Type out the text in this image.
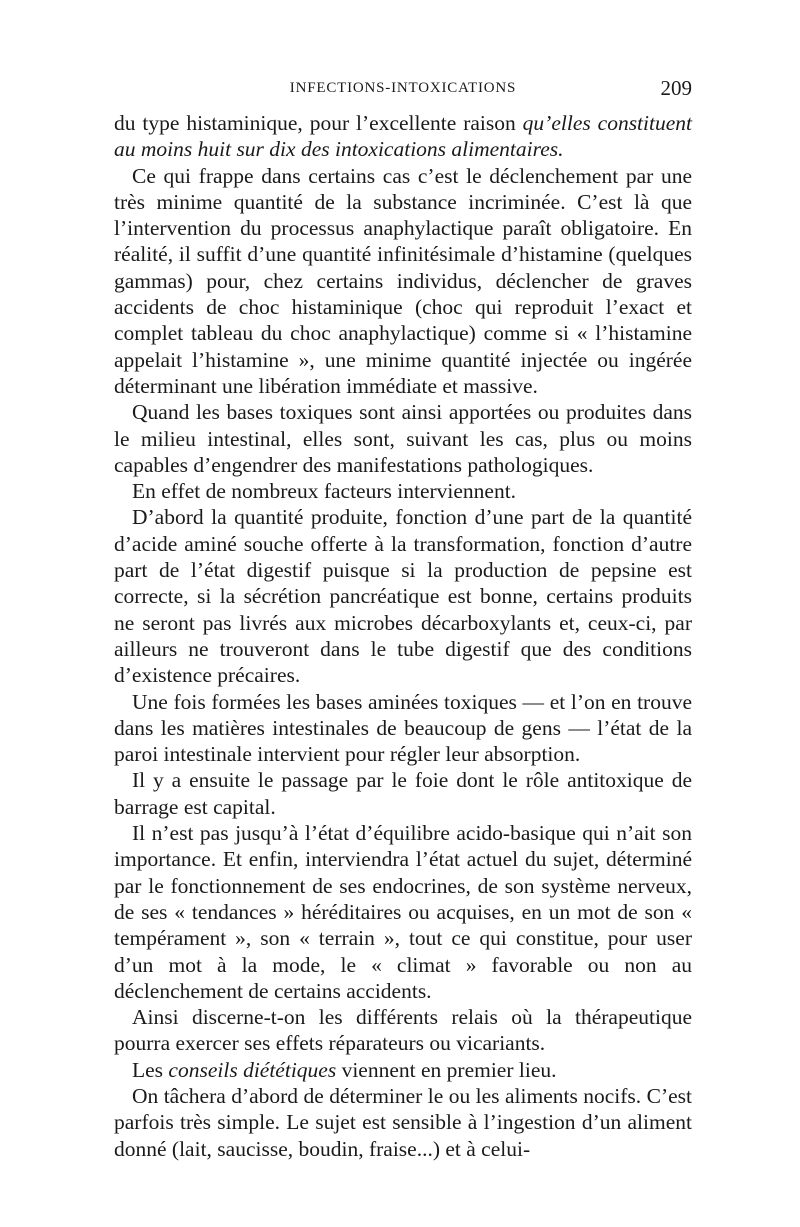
INFECTIONS-INTOXICATIONS	209

du type histaminique, pour l’excellente raison qu’elles constituent au moins huit sur dix des intoxications alimentaires.

Ce qui frappe dans certains cas c’est le déclenchement par une très minime quantité de la substance incriminée. C’est là que l’intervention du processus anaphylactique paraît obligatoire. En réalité, il suffit d’une quantité infinitésimale d’histamine (quelques gammas) pour, chez certains individus, déclencher de graves accidents de choc histaminique (choc qui reproduit l’exact et complet tableau du choc anaphylactique) comme si « l’histamine appelait l’histamine », une minime quantité injectée ou ingérée déterminant une libération immédiate et massive.

Quand les bases toxiques sont ainsi apportées ou produites dans le milieu intestinal, elles sont, suivant les cas, plus ou moins capables d’engendrer des manifestations pathologiques.

En effet de nombreux facteurs interviennent.

D’abord la quantité produite, fonction d’une part de la quantité d’acide aminé souche offerte à la transformation, fonction d’autre part de l’état digestif puisque si la production de pepsine est correcte, si la sécrétion pancréatique est bonne, certains produits ne seront pas livrés aux microbes décarboxylants et, ceux-ci, par ailleurs ne trouveront dans le tube digestif que des conditions d’existence précaires.

Une fois formées les bases aminées toxiques — et l’on en trouve dans les matières intestinales de beaucoup de gens — l’état de la paroi intestinale intervient pour régler leur absorption.

Il y a ensuite le passage par le foie dont le rôle antitoxique de barrage est capital.

Il n’est pas jusqu’à l’état d’équilibre acido-basique qui n’ait son importance. Et enfin, interviendra l’état actuel du sujet, déterminé par le fonctionnement de ses endocrines, de son système nerveux, de ses « tendances » héréditaires ou acquises, en un mot de son « tempérament », son « terrain », tout ce qui constitue, pour user d’un mot à la mode, le « climat » favorable ou non au déclenchement de certains accidents.

Ainsi discerne-t-on les différents relais où la thérapeutique pourra exercer ses effets réparateurs ou vicariants.

Les conseils diététiques viennent en premier lieu.

On tâchera d’abord de déterminer le ou les aliments nocifs. C’est parfois très simple. Le sujet est sensible à l’ingestion d’un aliment donné (lait, saucisse, boudin, fraise...) et à celui-
